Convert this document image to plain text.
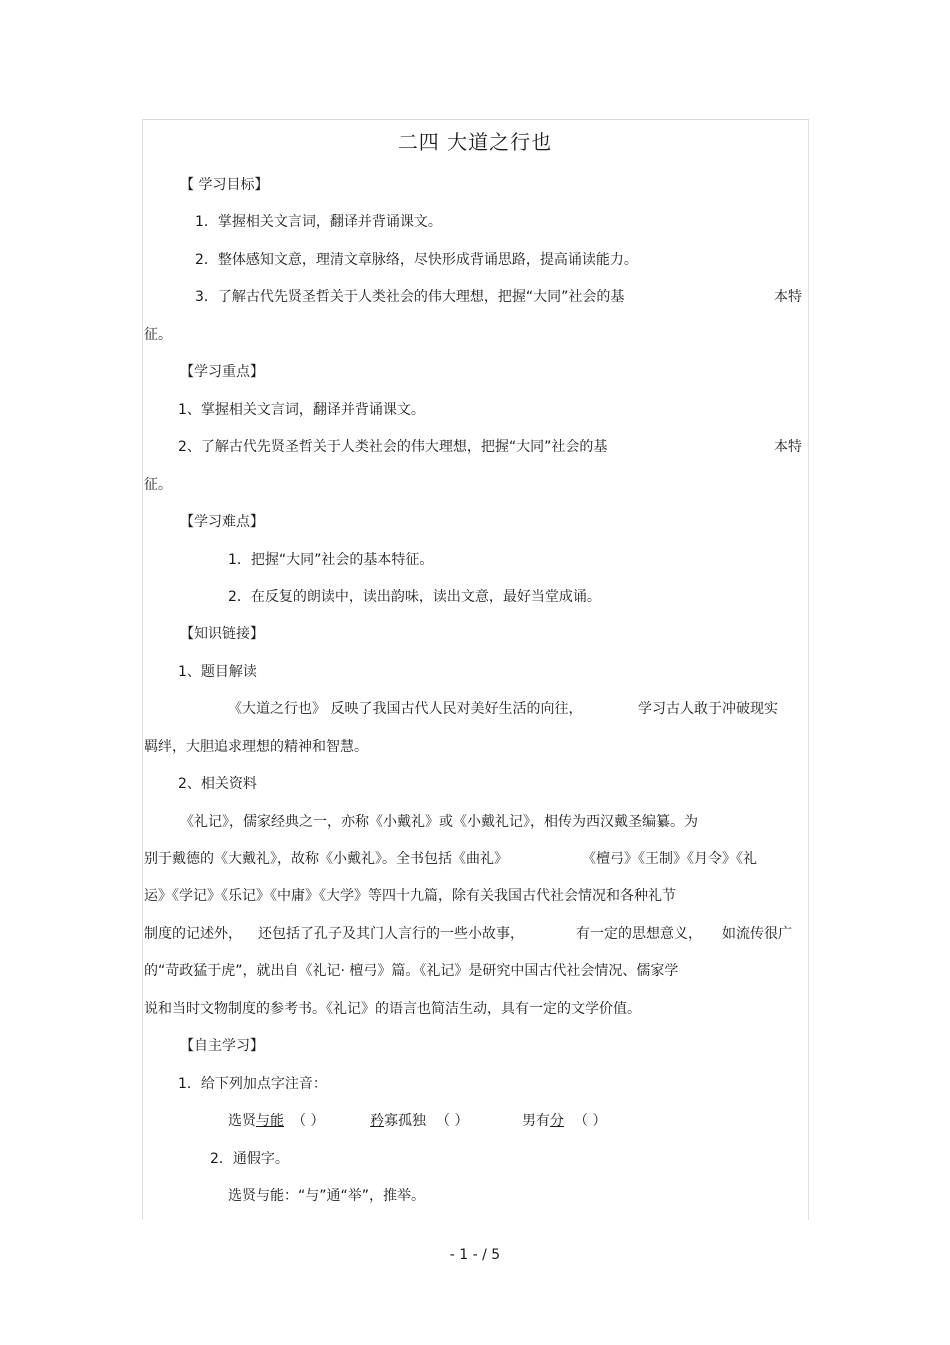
二四 大道之行也
【 学习目标】
1．掌握相关文言词，翻译并背诵课文。
2．整体感知文意，理清文章脉络，尽快形成背诵思路，提高诵读能力。
3．了解古代先贤圣哲关于人类社会的伟大理想，把握“大同”社会的基	本特
征。
【学习重点】
1、掌握相关文言词，翻译并背诵课文。
2、了解古代先贤圣哲关于人类社会的伟大理想，把握“大同”社会的基	本特
征。
【学习难点】
1．把握“大同”社会的基本特征。
2．在反复的朗读中，读出韵味，读出文意，最好当堂成诵。
【知识链接】
1、题目解读
《大道之行也》 反映了我国古代人民对美好生活的向往，	学习古人敢于冲破现实
羁绊，大胆追求理想的精神和智慧。
2、相关资料
《礼记》，儒家经典之一，亦称《小戴礼》或《小戴礼记》，相传为西汉戴圣编纂。为
别于戴德的《大戴礼》，故称《小戴礼》。全书包括《曲礼》	《檀弓》《王制》《月令》《礼
运》《学记》《乐记》《中庸》《大学》等四十九篇，除有关我国古代社会情况和各种礼节
制度的记述外， 还包括了孔子及其门人言行的一些小故事，	有一定的思想意义， 如流传很广
的“苛政猛于虎”，就出自《礼记· 檀弓》篇。《礼记》是研究中国古代社会情况、儒家学
说和当时文物制度的参考书。《礼记》的语言也简洁生动，具有一定的文学价值。
【自主学习】
1．给下列加点字注音：
选贤与能 （ ）	矜寡孤独 （ ）	男有分 （ ）
2．通假字。
选贤与能：“与”通“举”，推举。
- 1 - / 5
